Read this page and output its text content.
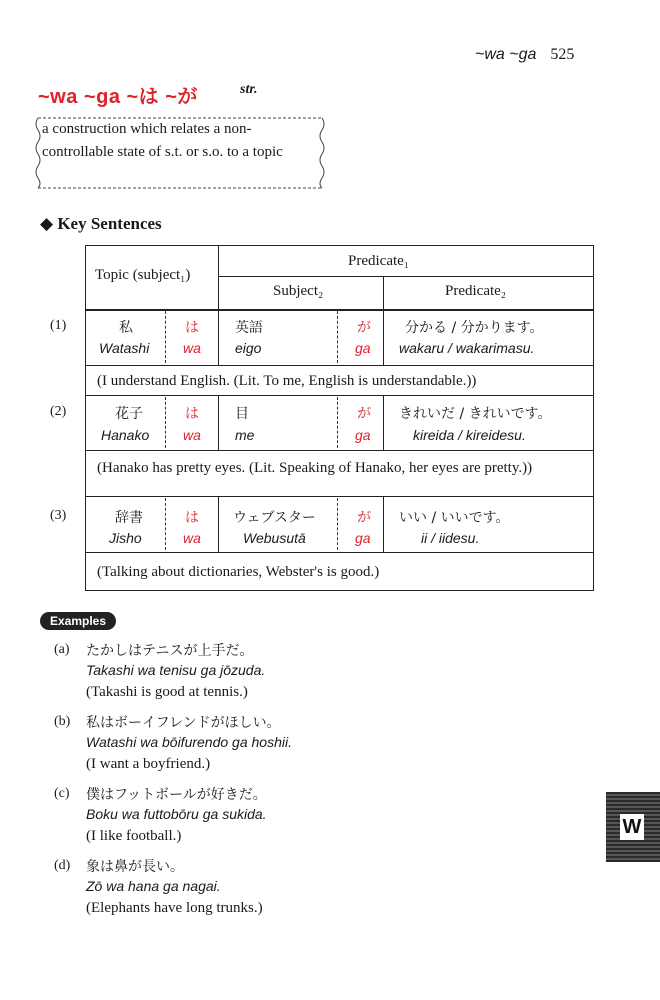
~wa ~ga 525
~wa ~ga ~は ~が	str.
a construction which relates a non-controllable state of s.t. or s.o. to a topic
◆ Key Sentences
Topic (subject₁)
Predicate₁
Subject₂	Predicate₂
私
Watashi
は
wa
英語
eigo
が
ga
分かる / 分かります。
wakaru / wakarimasu.
(I understand English. (Lit. To me, English is understandable.))
花子
Hanako
は
wa
目
me
が
ga
きれいだ / きれいです。
kireida / kireidesu.
(Hanako has pretty eyes. (Lit. Speaking of Hanako, her eyes are pretty.))
辞書
Jisho
は
wa
ウェブスター
Webusutā
が
ga
いい / いいです。
ii / iidesu.
(Talking about dictionaries, Webster's is good.)
(1)
(2)
(3)
Examples
(a) たかしはテニスが上手だ。
Takashi wa tenisu ga jōzuda.
(Takashi is good at tennis.)
(b) 私はボーイフレンドがほしい。
Watashi wa bōifurendo ga hoshii.
(I want a boyfriend.)
(c) 僕はフットボールが好きだ。
Boku wa futtobōru ga sukida.
(I like football.)
(d) 象は鼻が長い。
Zō wa hana ga nagai.
(Elephants have long trunks.)
W
